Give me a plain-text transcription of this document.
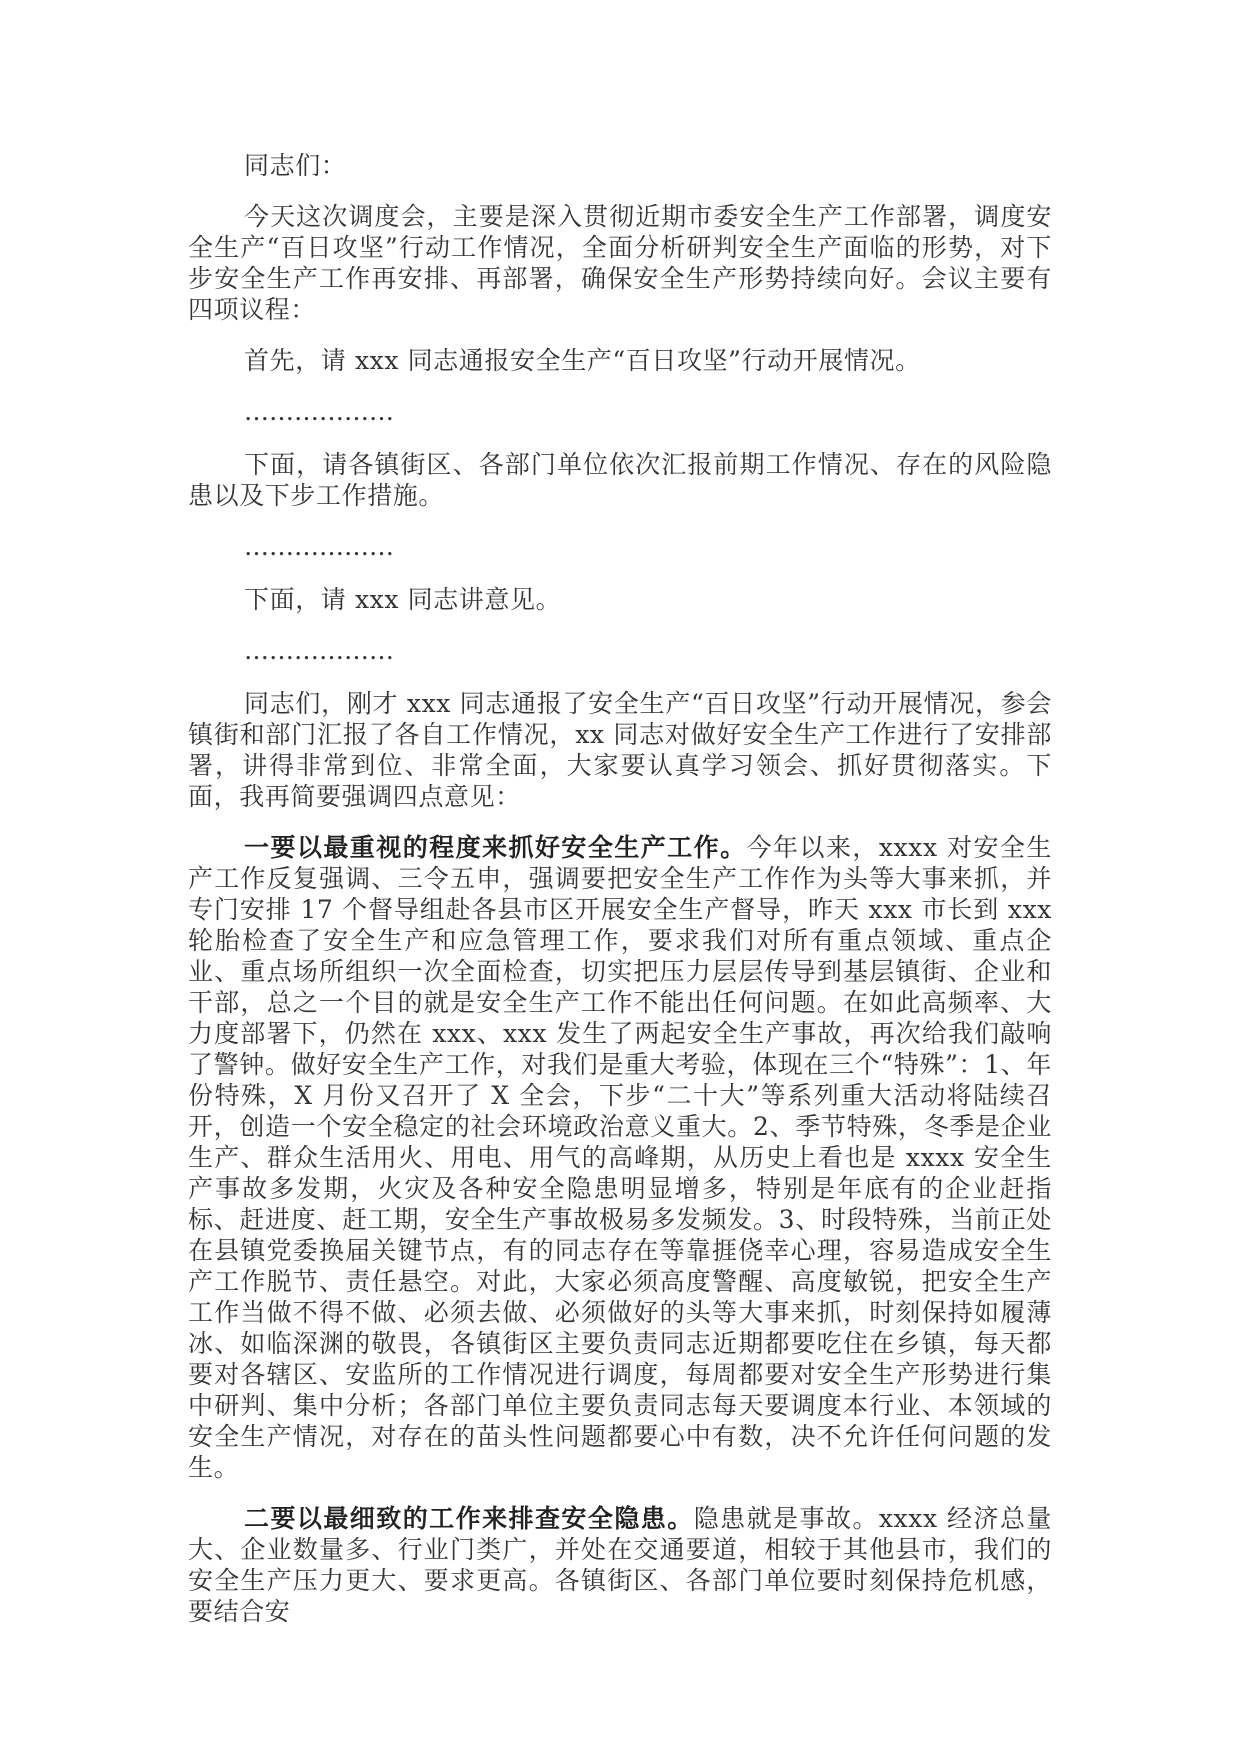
同志们：

今天这次调度会，主要是深入贯彻近期市委安全生产工作部署，调度安全生产“百日攻坚”行动工作情况，全面分析研判安全生产面临的形势，对下步安全生产工作再安排、再部署，确保安全生产形势持续向好。会议主要有四项议程：

首先，请 xxx 同志通报安全生产“百日攻坚”行动开展情况。

………………

下面，请各镇街区、各部门单位依次汇报前期工作情况、存在的风险隐患以及下步工作措施。

………………

下面，请 xxx 同志讲意见。

………………

同志们，刚才 xxx 同志通报了安全生产“百日攻坚”行动开展情况，参会镇街和部门汇报了各自工作情况，xx 同志对做好安全生产工作进行了安排部署，讲得非常到位、非常全面，大家要认真学习领会、抓好贯彻落实。下面，我再简要强调四点意见：

一要以最重视的程度来抓好安全生产工作。今年以来，xxxx 对安全生产工作反复强调、三令五申，强调要把安全生产工作作为头等大事来抓，并专门安排 17 个督导组赴各县市区开展安全生产督导，昨天 xxx 市长到 xxx 轮胎检查了安全生产和应急管理工作，要求我们对所有重点领域、重点企业、重点场所组织一次全面检查，切实把压力层层传导到基层镇街、企业和干部，总之一个目的就是安全生产工作不能出任何问题。在如此高频率、大力度部署下，仍然在 xxx、xxx 发生了两起安全生产事故，再次给我们敲响了警钟。做好安全生产工作，对我们是重大考验，体现在三个“特殊”：1、年份特殊，X 月份又召开了 X 全会，下步“二十大”等系列重大活动将陆续召开，创造一个安全稳定的社会环境政治意义重大。2、季节特殊，冬季是企业生产、群众生活用火、用电、用气的高峰期，从历史上看也是 xxxx 安全生产事故多发期，火灾及各种安全隐患明显增多，特别是年底有的企业赶指标、赶进度、赶工期，安全生产事故极易多发频发。3、时段特殊，当前正处在县镇党委换届关键节点，有的同志存在等靠捱侥幸心理，容易造成安全生产工作脱节、责任悬空。对此，大家必须高度警醒、高度敏锐，把安全生产工作当做不得不做、必须去做、必须做好的头等大事来抓，时刻保持如履薄冰、如临深渊的敬畏，各镇街区主要负责同志近期都要吃住在乡镇，每天都要对各辖区、安监所的工作情况进行调度，每周都要对安全生产形势进行集中研判、集中分析；各部门单位主要负责同志每天要调度本行业、本领域的安全生产情况，对存在的苗头性问题都要心中有数，决不允许任何问题的发生。

二要以最细致的工作来排查安全隐患。隐患就是事故。xxxx 经济总量大、企业数量多、行业门类广，并处在交通要道，相较于其他县市，我们的安全生产压力更大、要求更高。各镇街区、各部门单位要时刻保持危机感，要结合安
